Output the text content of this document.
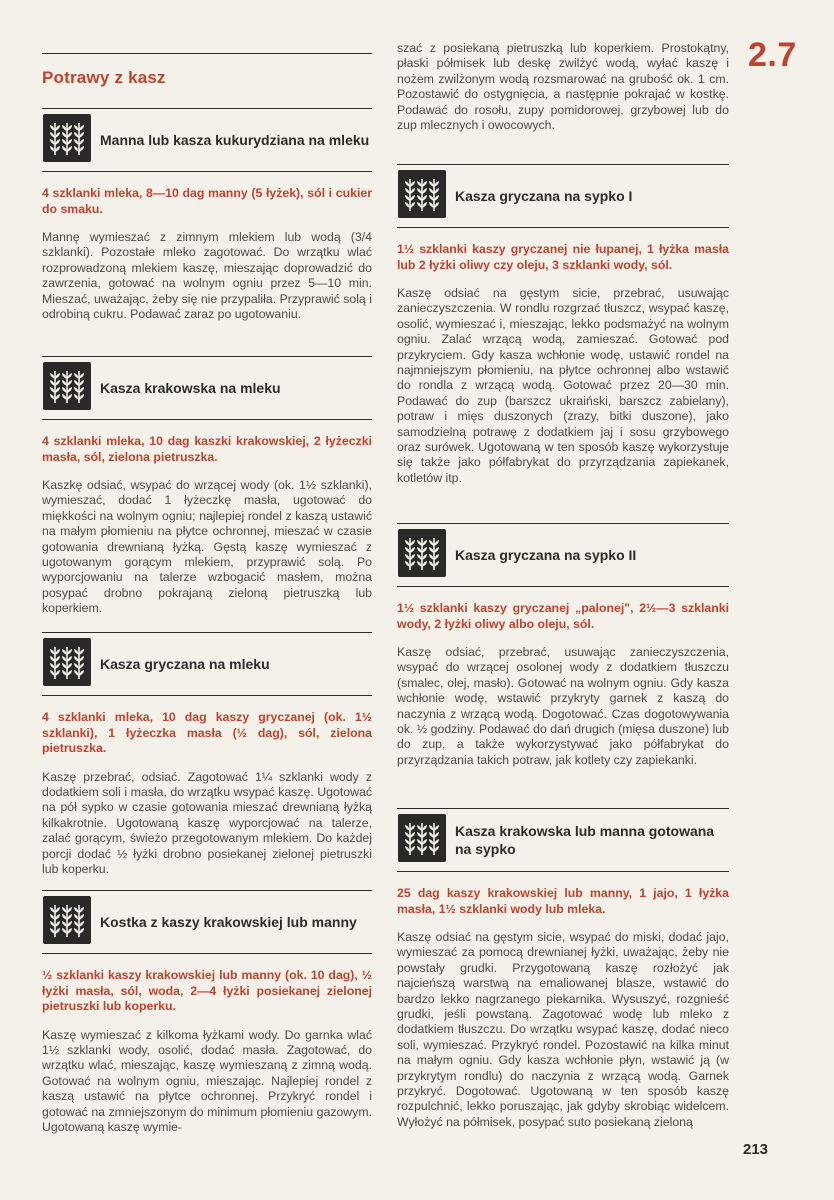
Potrawy z kasz
Manna lub kasza kukurydziana na mleku

4 szklanki mleka, 8—10 dag manny (5 łyżek), sól i cukier do smaku.

Mannę wymieszać z zimnym mlekiem lub wodą (3/4 szklanki). Pozostałe mleko zagotować. Do wrzątku wlać rozprowadzoną mlekiem kaszę, mieszając doprowadzić do zawrzenia, gotować na wolnym ogniu przez 5—10 min. Mieszać, uważając, żeby się nie przypaliła. Przyprawić solą i odrobiną cukru. Podawać zaraz po ugotowaniu.

Kasza krakowska na mleku

4 szklanki mleka, 10 dag kaszki krakowskiej, 2 łyżeczki masła, sól, zielona pietruszka.

Kaszkę odsiać, wsypać do wrzącej wody (ok. 1½ szklanki), wymieszać, dodać 1 łyżeczkę masła, ugotować do miękkości na wolnym ogniu; najlepiej rondel z kaszą ustawić na małym płomieniu na płytce ochronnej, mieszać w czasie gotowania drewnianą łyżką. Gęstą kaszę wymieszać z ugotowanym gorącym mlekiem, przyprawić solą. Po wyporcjowaniu na talerze wzbogacić masłem, można posypać drobno pokrajaną zieloną pietruszką lub koperkiem.

Kasza gryczana na mleku

4 szklanki mleka, 10 dag kaszy gryczanej (ok. 1½ szklanki), 1 łyżeczka masła (½ dag), sól, zielona pietruszka.

Kaszę przebrać, odsiać. Zagotować 1¼ szklanki wody z dodatkiem soli i masła, do wrzątku wsypać kaszę. Ugotować na pół sypko w czasie gotowania mieszać drewnianą łyżką kilkakrotnie. Ugotowaną kaszę wyporcjować na talerze, zalać gorącym, świeżo przegotowanym mlekiem. Do każdej porcji dodać ½ łyżki drobno posiekanej zielonej pietruszki lub koperku.

Kostka z kaszy krakowskiej lub manny

½ szklanki kaszy krakowskiej lub manny (ok. 10 dag), ½ łyżki masła, sól, woda, 2—4 łyżki posiekanej zielonej pietruszki lub koperku.

Kaszę wymieszać z kilkoma łyżkami wody. Do garnka wlać 1½ szklanki wody, osolić, dodać masła. Zagotować, do wrzątku wlać, mieszając, kaszę wymieszaną z zimną wodą. Gotować na wolnym ogniu, mieszając. Najlepiej rondel z kaszą ustawić na płytce ochronnej. Przykryć rondel i gotować na zmniejszonym do minimum płomieniu gazowym. Ugotowaną kaszę wymie-

szać z posiekaną pietruszką lub koperkiem. Prostokątny, płaski półmisek lub deskę zwilżyć wodą, wyłać kaszę i nożem zwilżonym wodą rozsmarować na grubość ok. 1 cm. Pozostawić do ostygnięcia, a następnie pokrajać w kostkę. Podawać do rosołu, zupy pomidorowej, grzybowej lub do zup mlecznych i owocowych.

Kasza gryczana na sypko I

1½ szklanki kaszy gryczanej nie łupanej, 1 łyżka masła lub 2 łyżki oliwy czy oleju, 3 szklanki wody, sól.

Kaszę odsiać na gęstym sicie, przebrać, usuwając zanieczyszczenia. W rondlu rozgrzać tłuszcz, wsypać kaszę, osolić, wymieszać i, mieszając, lekko podsmażyć na wolnym ogniu. Zalać wrzącą wodą, zamieszać. Gotować pod przykryciem. Gdy kasza wchłonie wodę, ustawić rondel na najmniejszym płomieniu, na płytce ochronnej albo wstawić do rondla z wrzącą wodą. Gotować przez 20—30 min. Podawać do zup (barszcz ukraiński, barszcz zabielany), potraw i mięs duszonych (zrazy, bitki duszone), jako samodzielną potrawę z dodatkiem jaj i sosu grzybowego oraz surówek. Ugotowaną w ten sposób kaszę wykorzystuje się także jako półfabrykat do przyrządzania zapiekanek, kotletów itp.

Kasza gryczana na sypko II

1½ szklanki kaszy gryczanej „palonej", 2½—3 szklanki wody, 2 łyżki oliwy albo oleju, sól.

Kaszę odsiać, przebrać, usuwając zanieczyszczenia, wsypać do wrzącej osolonej wody z dodatkiem tłuszczu (smalec, olej, masło). Gotować na wolnym ogniu. Gdy kasza wchłonie wodę, wstawić przykryty garnek z kaszą do naczynia z wrzącą wodą. Dogotować. Czas dogotowywania ok. ½ godziny. Podawać do dań drugich (mięsa duszone) lub do zup, a także wykorzystywać jako półfabrykat do przyrządzania takich potraw, jak kotlety czy zapiekanki.

Kasza krakowska lub manna gotowana na sypko

25 dag kaszy krakowskiej lub manny, 1 jajo, 1 łyżka masła, 1½ szklanki wody lub mleka.

Kaszę odsiać na gęstym sicie, wsypać do miski, dodać jajo, wymieszać za pomocą drewnianej łyżki, uważając, żeby nie powstały grudki. Przygotowaną kaszę rozłożyć jak najcieńszą warstwą na emaliowanej blasze, wstawić do bardzo lekko nagrzanego piekarnika. Wysuszyć, rozgnieść grudki, jeśli powstaną. Zagotować wodę lub mleko z dodatkiem tłuszczu. Do wrzątku wsypać kaszę, dodać nieco soli, wymieszać. Przykryć rondel. Pozostawić na kilka minut na małym ogniu. Gdy kasza wchłonie płyn, wstawić ją (w przykrytym rondlu) do naczynia z wrzącą wodą. Garnek przykryć. Dogotować. Ugotowaną w ten sposób kaszę rozpulchnić, lekko poruszając, jak gdyby skrobiąc widelcem. Wyłożyć na półmisek, posypać suto posiekaną zieloną

2.7
213
